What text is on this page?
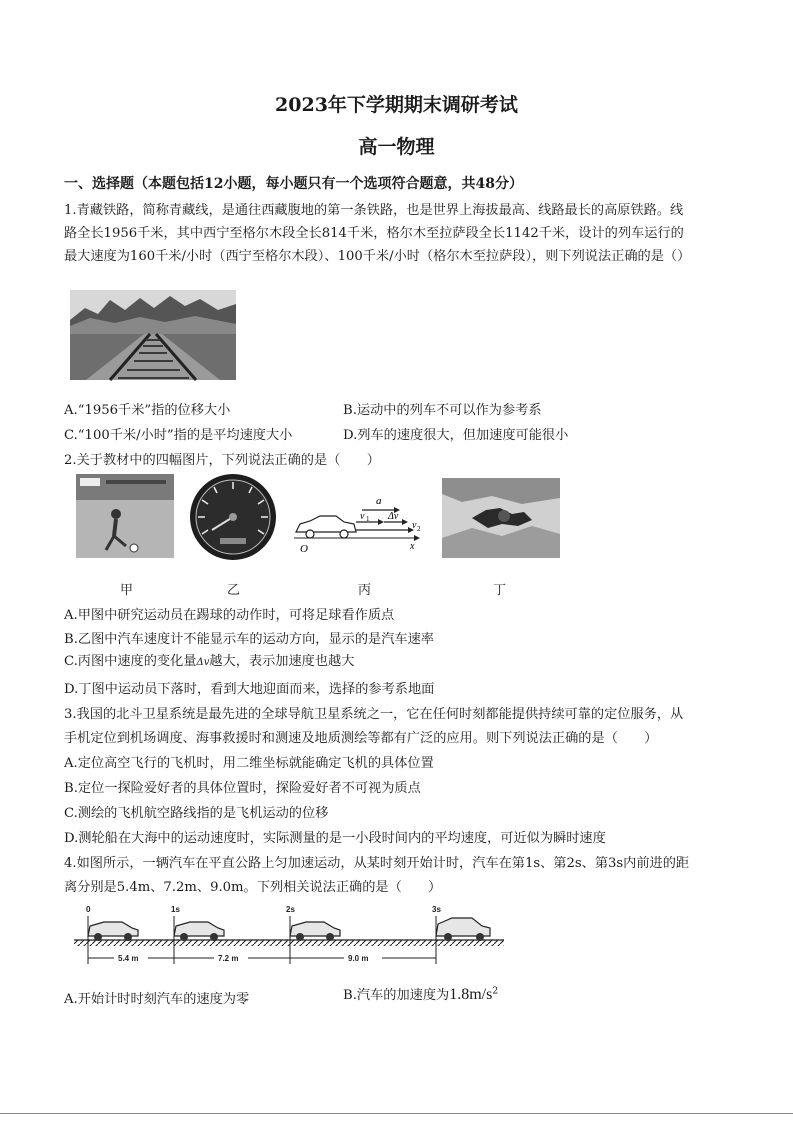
2023年下学期期末调研考试
高一物理
一、选择题（本题包括12小题，每小题只有一个选项符合题意，共48分）
1.青藏铁路，简称青藏线，是通往西藏腹地的第一条铁路，也是世界上海拔最高、线路最长的高原铁路。线
路全长1956千米，其中西宁至格尔木段全长814千米，格尔木至拉萨段全长1142千米，设计的列车运行的
最大速度为160千米/小时（西宁至格尔木段）、100千米/小时（格尔木至拉萨段），则下列说法正确的是（）
A.“1956千米”指的位移大小	B.运动中的列车不可以作为参考系
C.“100千米/小时”指的是平均速度大小	D.列车的速度很大，但加速度可能很小
2.关于教材中的四幅图片，下列说法正确的是（　　）
a
v 1 Δv
v 2
O	x
甲	乙	丙	丁
A.甲图中研究运动员在踢球的动作时，可将足球看作质点
B.乙图中汽车速度计不能显示车的运动方向，显示的是汽车速率
C.丙图中速度的变化量Δv越大，表示加速度也越大
D.丁图中运动员下落时，看到大地迎面而来，选择的参考系地面
3.我国的北斗卫星系统是最先进的全球导航卫星系统之一，它在任何时刻都能提供持续可靠的定位服务，从
手机定位到机场调度、海事救援时和测速及地质测绘等都有广泛的应用。则下列说法正确的是（　　）
A.定位高空飞行的飞机时，用二维坐标就能确定飞机的具体位置
B.定位一探险爱好者的具体位置时，探险爱好者不可视为质点
C.测绘的飞机航空路线指的是飞机运动的位移
D.测轮船在大海中的运动速度时，实际测量的是一小段时间内的平均速度，可近似为瞬时速度
4.如图所示，一辆汽车在平直公路上匀加速运动，从某时刻开始计时，汽车在第1s、第2s、第3s内前进的距
离分别是5.4m、7.2m、9.0m。下列相关说法正确的是（　　）
0	1s	2s	3s
5.4 m	7.2 m	9.0 m
A.开始计时时刻汽车的速度为零	B.汽车的加速度为$1.8m/s^2$
